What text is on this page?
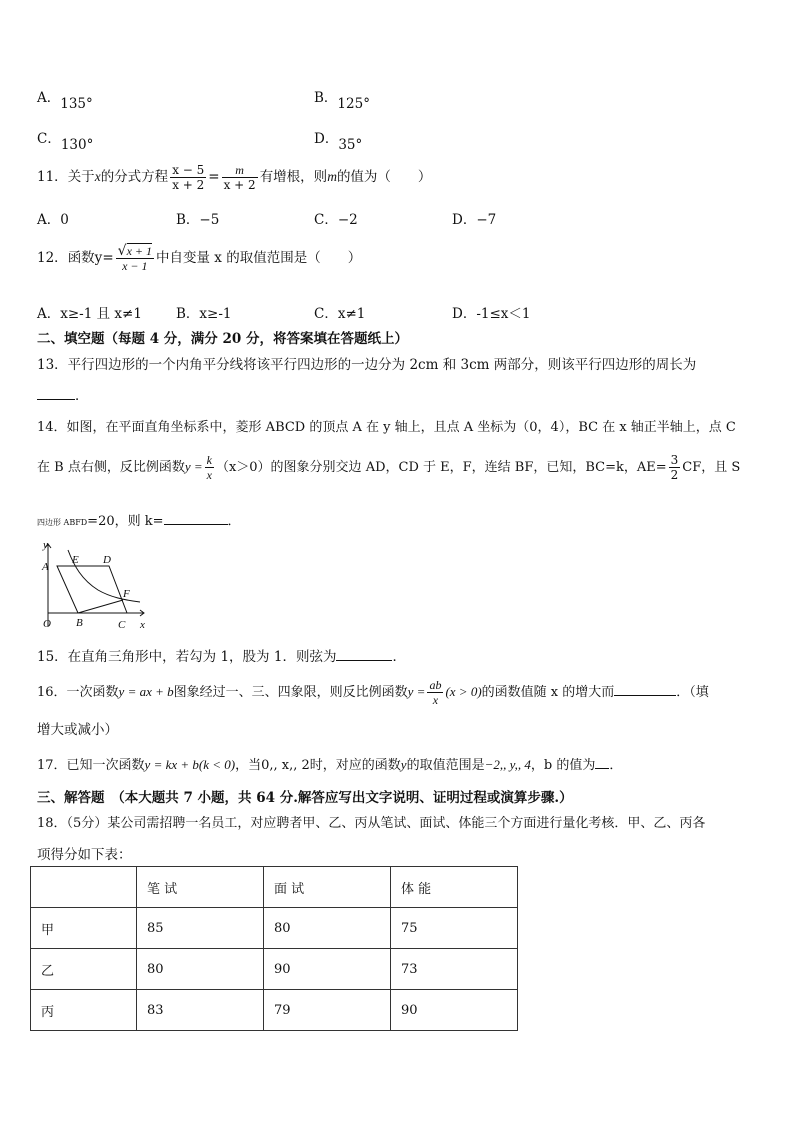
A．135°	B．125°
C．130°	D．35°
11．关于x的分式方程 $\frac{x - 5}{x + 2} = \frac{m}{x + 2}$ 有增根，则m的值为（　　）
A．0	B．−5	C．−2	D．−7
12．函数$y= \frac{√x + 1}{x - 1}$ 中自变量 x 的取值范围是（　　）
A．x≥-1 且 x≠1	B．x≥-1	C．x≠1	D．-1≤x＜1
二、填空题（每题 4 分，满分 20 分，将答案填在答题纸上）
13．平行四边形的一个内角平分线将该平行四边形的一边分为 2cm 和 3cm 两部分，则该平行四边形的周长为
．
14．如图，在平面直角坐标系中，菱形 ABCD 的顶点 A 在 y 轴上，且点 A 坐标为（0，4），BC 在 x 轴正半轴上，点 C
在 B 点右侧，反比例函数$y = \frac{k}{x} (x>0)$的图象分别交边 AD，CD 于 E，F，连结 BF，已知，BC=k，$AE= \frac{3}{2}$ CF，且 S
四边形 ABFD=20，则 k=	．
y
x
O
A
B	C
D
E
F
15．在直角三角形中，若勾为 1，股为 1．则弦为	．
16．一次函数y = ax + b图象经过一、三、四象限，则反比例函数$y = \frac{ab}{x} (x > 0)$的函数值随 x 的增大而	．（填
增大或减小）
17．已知一次函数y = kx + b(k < 0)，当0,, x,, 2时，对应的函数y的取值范围是−2,, y,, 4，b 的值为 ．
三、解答题　（本大题共 7 小题，共 64 分.解答应写出文字说明、证明过程或演算步骤.）
18．（5分）某公司需招聘一名员工，对应聘者甲、乙、丙从笔试、面试、体能三个方面进行量化考核．甲、乙、丙各
项得分如下表：
	笔 试	面 试	体 能
甲	85	80	75
乙	80	90	73
丙	83	79	90
